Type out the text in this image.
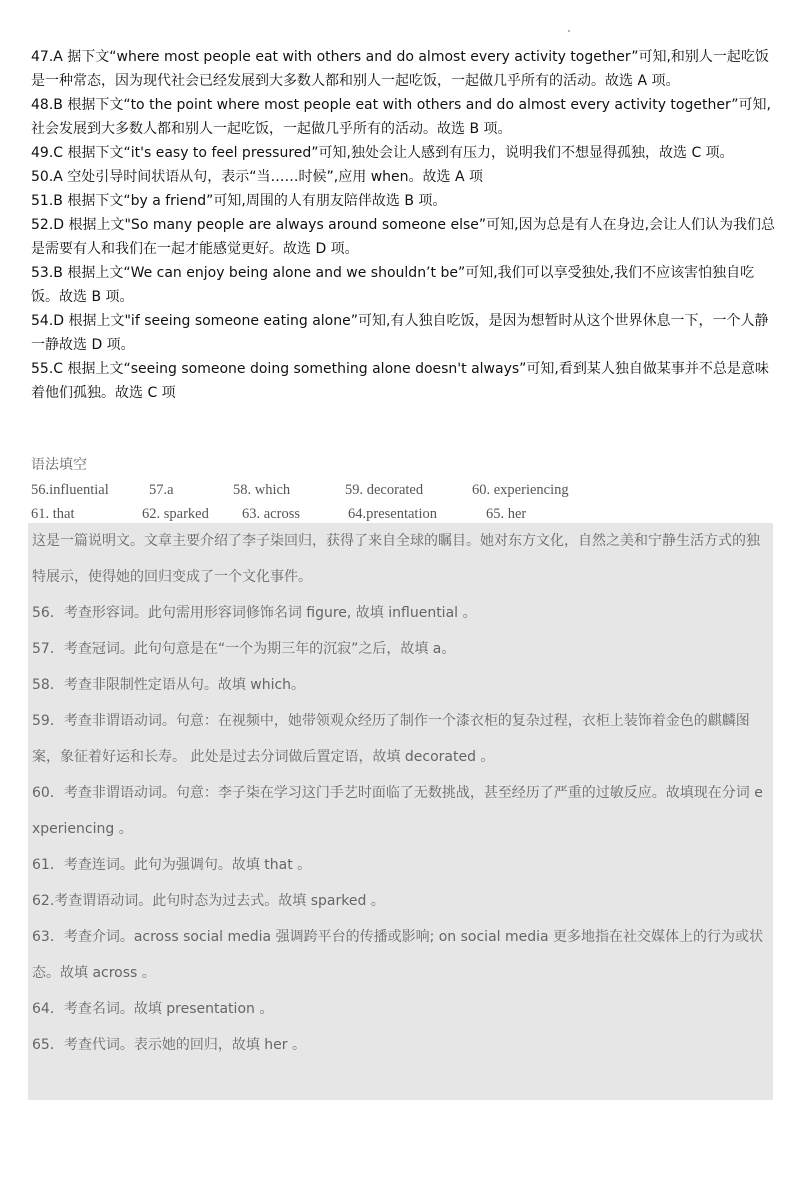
47.A 据下文“where most people eat with others and do almost every activity together”可知,和别人一起吃饭是一种常态，因为现代社会已经发展到大多数人都和别人一起吃饭，一起做几乎所有的活动。故选 A 项。

48.B 根据下文“to the point where most people eat with others and do almost every activity together”可知,社会发展到大多数人都和别人一起吃饭，一起做几乎所有的活动。故选 B 项。

49.C 根据下文“it's easy to feel pressured”可知,独处会让人感到有压力，说明我们不想显得孤独，故选 C 项。

50.A 空处引导时间状语从句，表示“当……时候”,应用 when。故选 A 项

51.B 根据下文“by a friend”可知,周围的人有朋友陪伴故选 B 项。

52.D 根据上文"So many people are always around someone else”可知,因为总是有人在身边,会让人们认为我们总是需要有人和我们在一起才能感觉更好。故选 D 项。

53.B 根据上文“We can enjoy being alone and we shouldn’t be”可知,我们可以享受独处,我们不应该害怕独自吃饭。故选 B 项。

54.D 根据上文"if seeing someone eating alone”可知,有人独自吃饭，是因为想暂时从这个世界休息一下，一个人静一静故选 D 项。

55.C 根据上文“seeing someone doing something alone doesn't always”可知,看到某人独自做某事并不总是意味着他们孤独。故选 C 项

语法填空
56.influential	57.a	58. which	59. decorated	60. experiencing
61. that	62. sparked 63. across	64.presentation	65. her

这是一篇说明文。文章主要介绍了李子柒回归，获得了来自全球的瞩目。她对东方文化，自然之美和宁静生活方式的独特展示，使得她的回归变成了一个文化事件。

56．考查形容词。此句需用形容词修饰名词 figure, 故填 influential 。

57．考查冠词。此句句意是在“一个为期三年的沉寂”之后，故填 a。

58．考查非限制性定语从句。故填 which。

59．考查非谓语动词。句意：在视频中，她带领观众经历了制作一个漆衣柜的复杂过程，衣柜上装饰着金色的麒麟图案，象征着好运和长寿。 此处是过去分词做后置定语，故填 decorated 。

60．考查非谓语动词。句意：李子柒在学习这门手艺时面临了无数挑战，甚至经历了严重的过敏反应。故填现在分词 experiencing 。

61．考查连词。此句为强调句。故填 that 。

62.考查谓语动词。此句时态为过去式。故填 sparked 。

63．考查介词。across social media 强调跨平台的传播或影响; on social media 更多地指在社交媒体上的行为或状态。故填 across 。

64．考查名词。故填 presentation 。

65．考查代词。表示她的回归，故填 her 。
